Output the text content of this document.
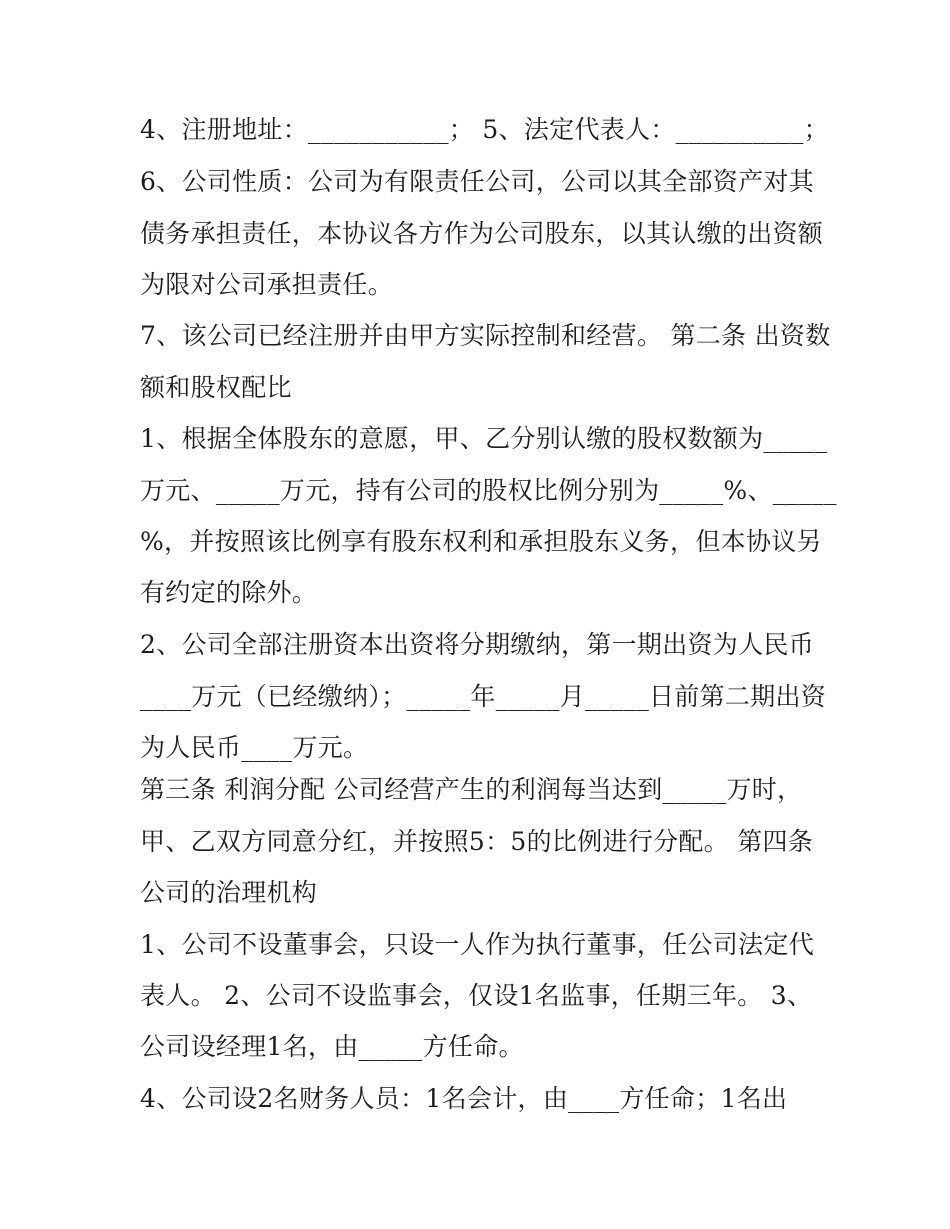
4、注册地址：___________； 5、法定代表人：__________；
6、公司性质：公司为有限责任公司，公司以其全部资产对其
债务承担责任，本协议各方作为公司股东，以其认缴的出资额
为限对公司承担责任。
7、该公司已经注册并由甲方实际控制和经营。 第二条 出资数
额和股权配比
1、根据全体股东的意愿，甲、乙分别认缴的股权数额为_____
万元、_____万元，持有公司的股权比例分别为_____%、_____
%，并按照该比例享有股东权利和承担股东义务，但本协议另
有约定的除外。
2、公司全部注册资本出资将分期缴纳，第一期出资为人民币
____万元（已经缴纳）；_____年_____月_____日前第二期出资
为人民币____万元。
第三条 利润分配 公司经营产生的利润每当达到_____万时，
甲、乙双方同意分红，并按照5：5的比例进行分配。 第四条
公司的治理机构
1、公司不设董事会，只设一人作为执行董事，任公司法定代
表人。 2、公司不设监事会，仅设1名监事，任期三年。 3、
公司设经理1名，由_____方任命。
4、公司设2名财务人员：1名会计，由____方任命；1名出
